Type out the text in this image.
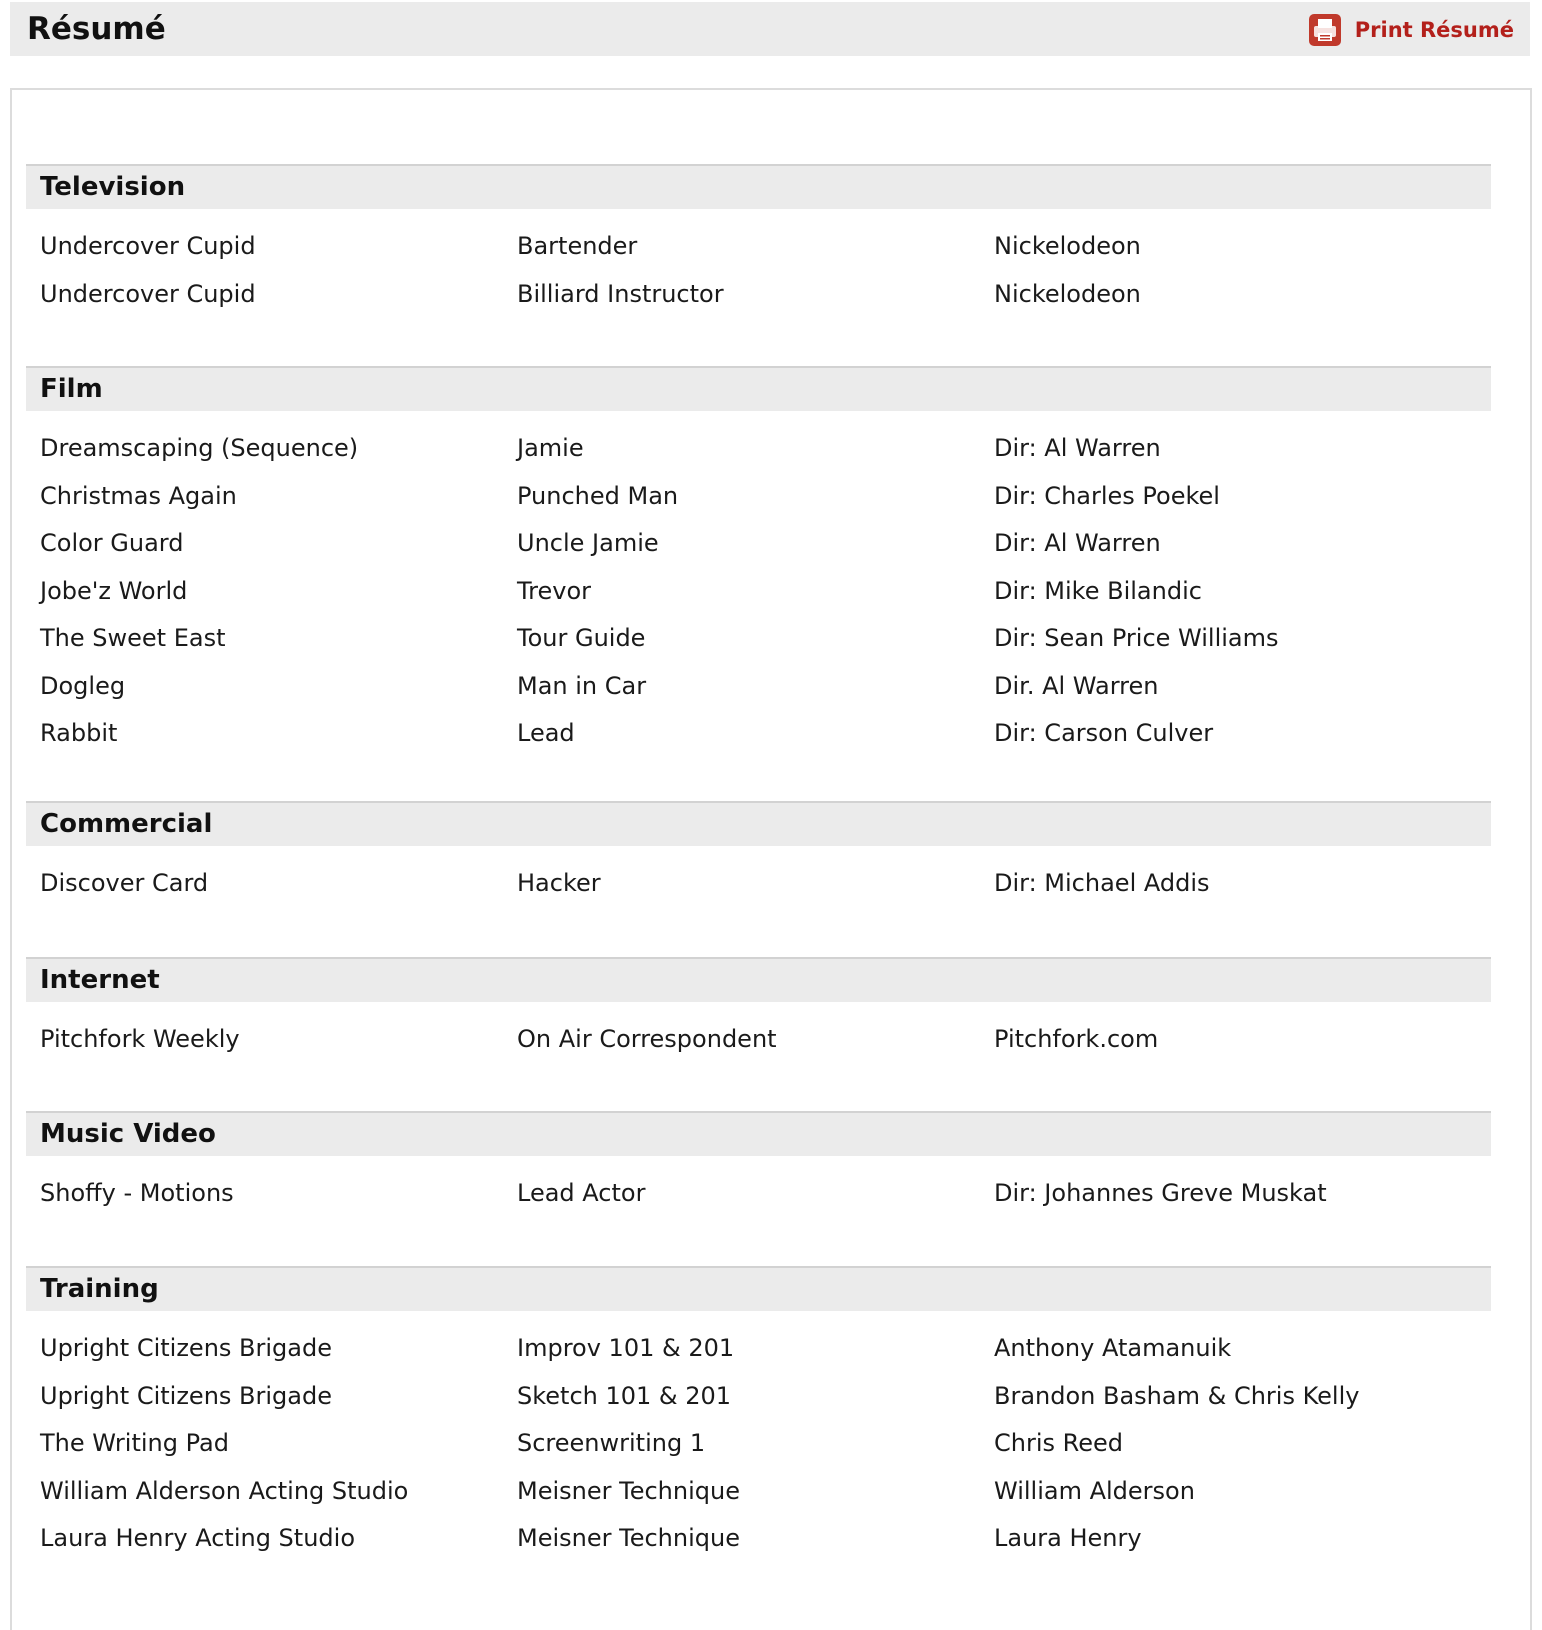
Résumé	Print Résumé
Television
Undercover Cupid	Bartender	Nickelodeon
Undercover Cupid	Billiard Instructor	Nickelodeon
Film
Dreamscaping (Sequence)	Jamie	Dir: Al Warren
Christmas Again	Punched Man	Dir: Charles Poekel
Color Guard	Uncle Jamie	Dir: Al Warren
Jobe'z World	Trevor	Dir: Mike Bilandic
The Sweet East	Tour Guide	Dir: Sean Price Williams
Dogleg	Man in Car	Dir. Al Warren
Rabbit	Lead	Dir: Carson Culver
Commercial
Discover Card	Hacker	Dir: Michael Addis
Internet
Pitchfork Weekly	On Air Correspondent	Pitchfork.com
Music Video
Shoffy - Motions	Lead Actor	Dir: Johannes Greve Muskat
Training
Upright Citizens Brigade	Improv 101 & 201	Anthony Atamanuik
Upright Citizens Brigade	Sketch 101 & 201	Brandon Basham & Chris Kelly
The Writing Pad	Screenwriting 1	Chris Reed
William Alderson Acting Studio	Meisner Technique	William Alderson
Laura Henry Acting Studio	Meisner Technique	Laura Henry
